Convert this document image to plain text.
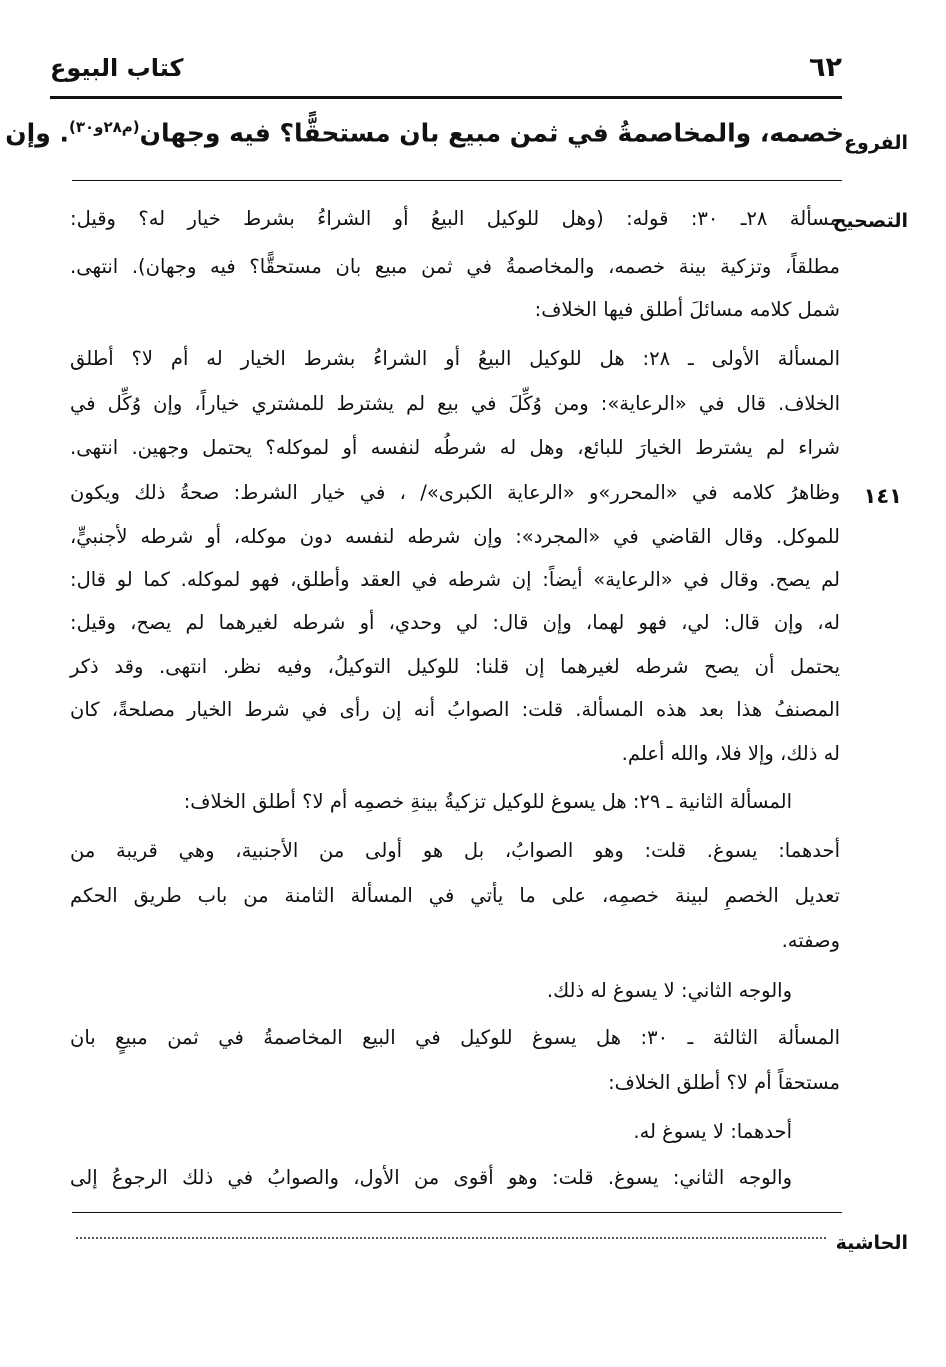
٦٢
كتاب البيوع
الفروع
خصمه، والمخاصمةُ في ثمن مبيع بان مستحقًّا؟ فيه وجهان$^{(م٢٨و٣٠)}$. وإن
التصحيح
١٤١
مسألة ٢٨ـ ٣٠: قوله: (وهل للوكيل البيعُ أو الشراءُ بشرط خيار له؟ وقيل:
مطلقاً، وتزكية بينة خصمه، والمخاصمةُ في ثمن مبيع بان مستحقًّا؟ فيه وجهان). انتهى.
شمل كلامه مسائلَ أطلق فيها الخلاف:
المسألة الأولى ـ ٢٨: هل للوكيل البيعُ أو الشراءُ بشرط الخيار له أم لا؟ أطلق
الخلاف. قال في «الرعاية»: ومن وُكِّلَ في بيع لم يشترط للمشتري خياراً، وإن وُكِّل في
شراء لم يشترط الخيارَ للبائع، وهل له شرطُه لنفسه أو لموكله؟ يحتمل وجهين. انتهى.
وظاهرُ كلامه في «المحرر»و «الرعاية الكبرى»/ ، في خيار الشرط: صحةُ ذلك ويكون
للموكل. وقال القاضي في «المجرد»: وإن شرطه لنفسه دون موكله، أو شرطه لأجنبيٍّ،
لم يصح. وقال في «الرعاية» أيضاً: إن شرطه في العقد وأطلق، فهو لموكله. كما لو قال:
له، وإن قال: لي، فهو لهما، وإن قال: لي وحدي، أو شرطه لغيرهما لم يصح، وقيل:
يحتمل أن يصح شرطه لغيرهما إن قلنا: للوكيل التوكيلُ، وفيه نظر. انتهى. وقد ذكر
المصنفُ هذا بعد هذه المسألة. قلت: الصوابُ أنه إن رأى في شرط الخيار مصلحةً، كان
له ذلك، وإلا فلا، والله أعلم.
المسألة الثانية ـ ٢٩: هل يسوغ للوكيل تزكيةُ بينةِ خصمِه أم لا؟ أطلق الخلاف:
أحدهما: يسوغ. قلت: وهو الصوابُ، بل هو أولى من الأجنبية، وهي قريبة من
تعديل الخصمِ لبينة خصمِه، على ما يأتي في المسألة الثامنة من باب طريق الحكم
وصفته.
والوجه الثاني: لا يسوغ له ذلك.
المسألة الثالثة ـ ٣٠: هل يسوغ للوكيل في البيع المخاصمةُ في ثمن مبيعٍ بان
مستحقاً أم لا؟ أطلق الخلاف:
أحدهما: لا يسوغ له.
والوجه الثاني: يسوغ. قلت: وهو أقوى من الأول، والصوابُ في ذلك الرجوعُ إلى
الحاشية
